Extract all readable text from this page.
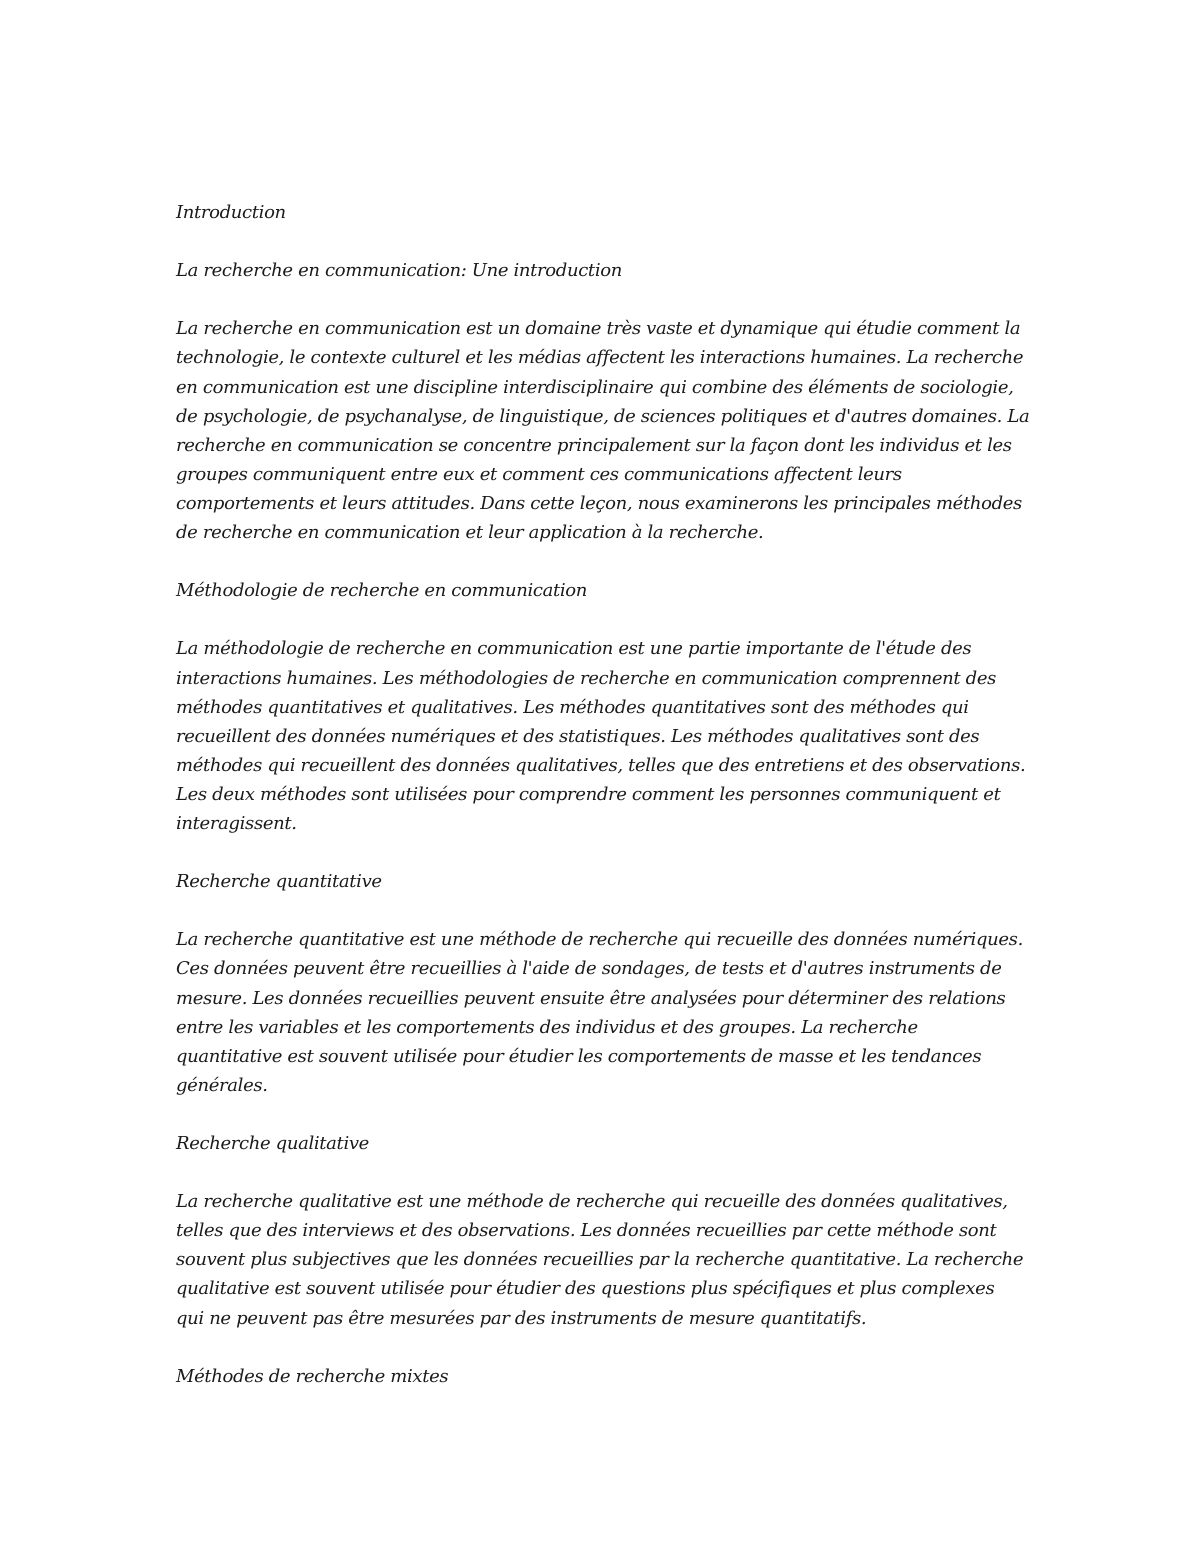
Introduction
La recherche en communication: Une introduction
La recherche en communication est un domaine très vaste et dynamique qui étudie comment la
technologie, le contexte culturel et les médias affectent les interactions humaines. La recherche
en communication est une discipline interdisciplinaire qui combine des éléments de sociologie,
de psychologie, de psychanalyse, de linguistique, de sciences politiques et d'autres domaines. La
recherche en communication se concentre principalement sur la façon dont les individus et les
groupes communiquent entre eux et comment ces communications affectent leurs
comportements et leurs attitudes. Dans cette leçon, nous examinerons les principales méthodes
de recherche en communication et leur application à la recherche.
Méthodologie de recherche en communication
La méthodologie de recherche en communication est une partie importante de l'étude des
interactions humaines. Les méthodologies de recherche en communication comprennent des
méthodes quantitatives et qualitatives. Les méthodes quantitatives sont des méthodes qui
recueillent des données numériques et des statistiques. Les méthodes qualitatives sont des
méthodes qui recueillent des données qualitatives, telles que des entretiens et des observations.
Les deux méthodes sont utilisées pour comprendre comment les personnes communiquent et
interagissent.
Recherche quantitative
La recherche quantitative est une méthode de recherche qui recueille des données numériques.
Ces données peuvent être recueillies à l'aide de sondages, de tests et d'autres instruments de
mesure. Les données recueillies peuvent ensuite être analysées pour déterminer des relations
entre les variables et les comportements des individus et des groupes. La recherche
quantitative est souvent utilisée pour étudier les comportements de masse et les tendances
générales.
Recherche qualitative
La recherche qualitative est une méthode de recherche qui recueille des données qualitatives,
telles que des interviews et des observations. Les données recueillies par cette méthode sont
souvent plus subjectives que les données recueillies par la recherche quantitative. La recherche
qualitative est souvent utilisée pour étudier des questions plus spécifiques et plus complexes
qui ne peuvent pas être mesurées par des instruments de mesure quantitatifs.
Méthodes de recherche mixtes
